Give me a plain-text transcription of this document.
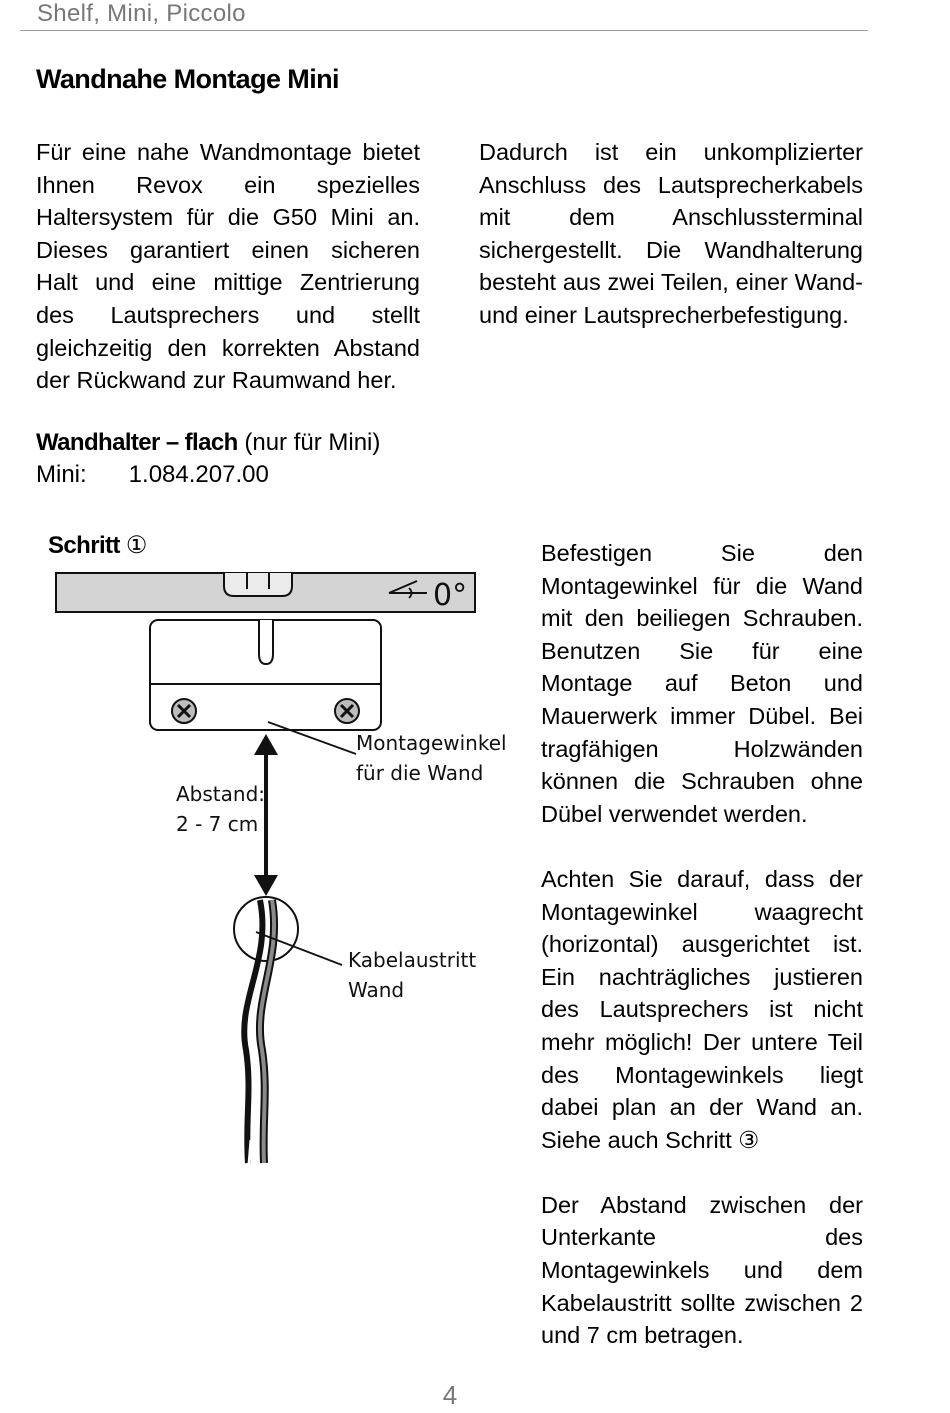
Shelf, Mini, Piccolo
Wandnahe Montage Mini

Für eine nahe Wandmontage bietet Ihnen Revox ein spezielles Haltersystem für die G50 Mini an. Dieses garantiert einen sicheren Halt und eine mittige Zentrierung des Lautsprechers und stellt gleichzeitig den korrekten Abstand der Rückwand zur Raumwand her.

Dadurch ist ein unkomplizierter Anschluss des Lautsprecherkabels mit dem Anschlussterminal sichergestellt. Die Wandhalterung besteht aus zwei Teilen, einer Wand- und einer Lautsprecherbefestigung.

Wandhalter – flach (nur für Mini)
Mini: 1.084.207.00
Schritt ①
0°
Montagewinkel
für die Wand
Abstand:
2 - 7 cm
Kabelaustritt
Wand

Befestigen Sie den Montagewinkel für die Wand mit den beiliegen Schrauben. Benutzen Sie für eine Montage auf Beton und Mauerwerk immer Dübel. Bei tragfähigen Holzwänden können die Schrauben ohne Dübel verwendet werden.

Achten Sie darauf, dass der Montagewinkel waagrecht (horizontal) ausgerichtet ist. Ein nachträgliches justieren des Lautsprechers ist nicht mehr möglich! Der untere Teil des Montagewinkels liegt dabei plan an der Wand an. Siehe auch Schritt ③

Der Abstand zwischen der Unterkante des Montagewinkels und dem Kabelaustritt sollte zwischen 2 und 7 cm betragen.

4
